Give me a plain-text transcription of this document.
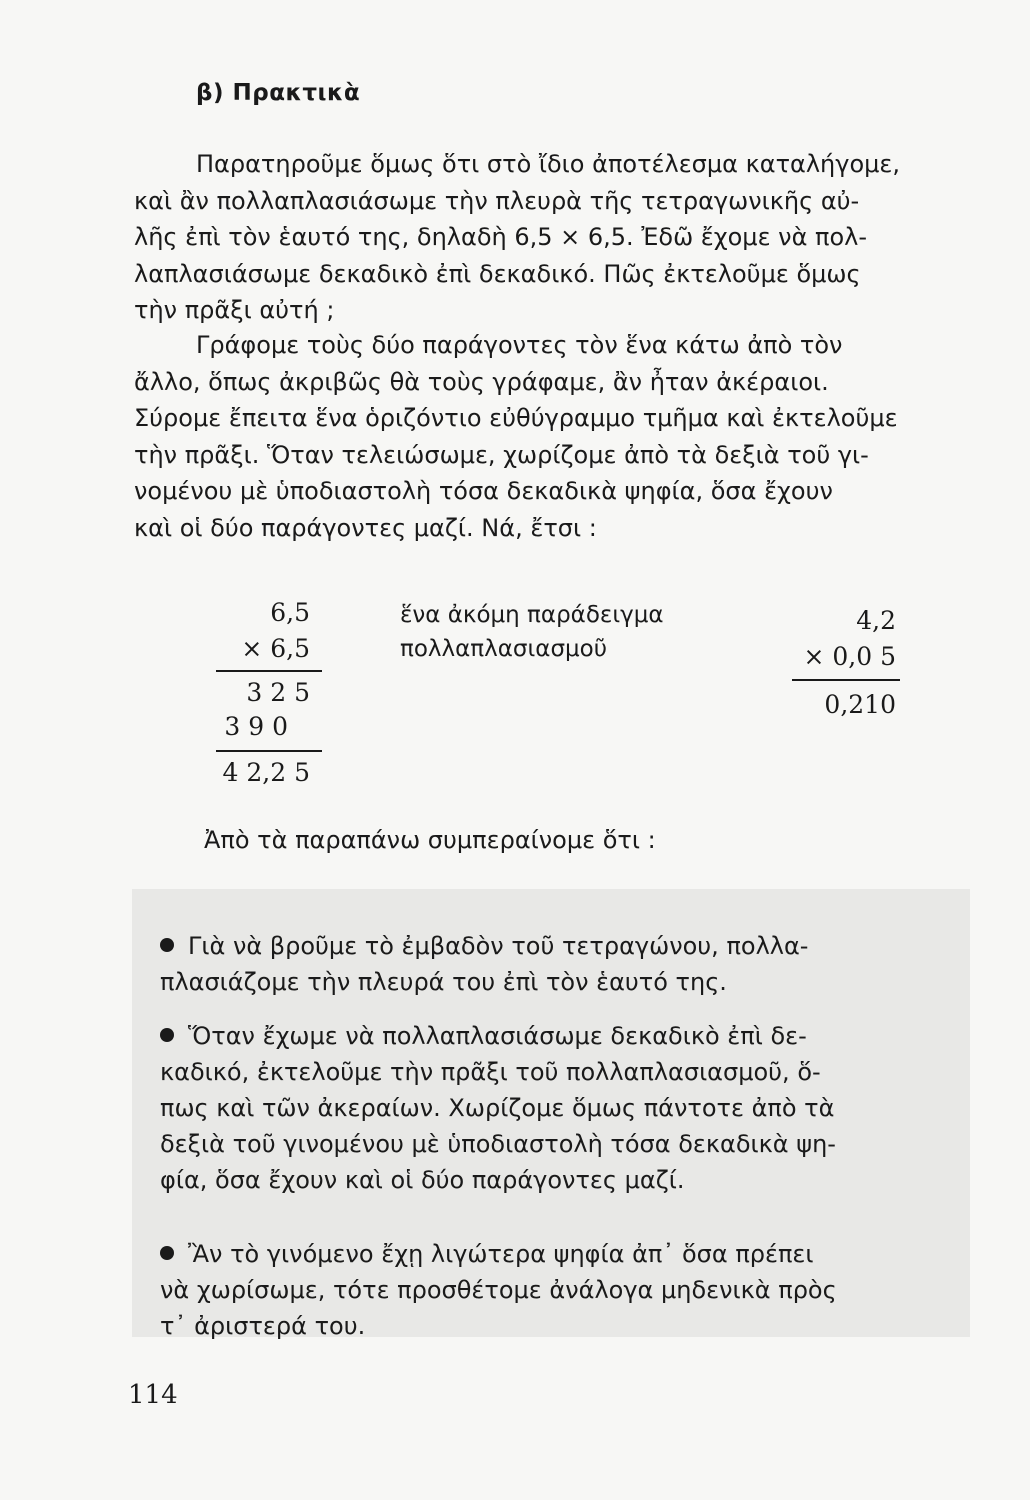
β) Πρακτικὰ
Παρατηροῦμε ὅμως ὅτι στὸ ἴδιο ἀποτέλεσμα καταλήγομε,
καὶ ἂν πολλαπλασιάσωμε τὴν πλευρὰ τῆς τετραγωνικῆς αὐ-
λῆς ἐπὶ τὸν ἑαυτό της, δηλαδὴ 6,5 × 6,5. Ἐδῶ ἔχομε νὰ πολ-
λαπλασιάσωμε δεκαδικὸ ἐπὶ δεκαδικό. Πῶς ἐκτελοῦμε ὅμως
τὴν πρᾶξι αὐτή ;
Γράφομε τοὺς δύο παράγοντες τὸν ἕνα κάτω ἀπὸ τὸν
ἄλλο, ὅπως ἀκριβῶς θὰ τοὺς γράφαμε, ἂν ἦταν ἀκέραιοι.
Σύρομε ἔπειτα ἕνα ὁριζόντιο εὐθύγραμμο τμῆμα καὶ ἐκτελοῦμε
τὴν πρᾶξι. Ὅταν τελειώσωμε, χωρίζομε ἀπὸ τὰ δεξιὰ τοῦ γι-
νομένου μὲ ὑποδιαστολὴ τόσα δεκαδικὰ ψηφία, ὅσα ἔχουν
καὶ οἱ δύο παράγοντες μαζί. Νά, ἔτσι :
6,5
× 6,5
3 2 5
3 9 0
4 2,2 5
ἕνα ἀκόμη παράδειγμα
πολλαπλασιασμοῦ
4,2
× 0,0 5
0,210
Ἀπὸ τὰ παραπάνω συμπεραίνομε ὅτι :
Γιὰ νὰ βροῦμε τὸ ἐμβαδὸν τοῦ τετραγώνου, πολλα-
πλασιάζομε τὴν πλευρά του ἐπὶ τὸν ἑαυτό της.
Ὅταν ἔχωμε νὰ πολλαπλασιάσωμε δεκαδικὸ ἐπὶ δε-
καδικό, ἐκτελοῦμε τὴν πρᾶξι τοῦ πολλαπλασιασμοῦ, ὅ-
πως καὶ τῶν ἀκεραίων. Χωρίζομε ὅμως πάντοτε ἀπὸ τὰ
δεξιὰ τοῦ γινομένου μὲ ὑποδιαστολὴ τόσα δεκαδικὰ ψη-
φία, ὅσα ἔχουν καὶ οἱ δύο παράγοντες μαζί.
Ἂν τὸ γινόμενο ἔχῃ λιγώτερα ψηφία ἀπ᾽ ὅσα πρέπει
νὰ χωρίσωμε, τότε προσθέτομε ἀνάλογα μηδενικὰ πρὸς
τ᾽ ἀριστερά του.
114
